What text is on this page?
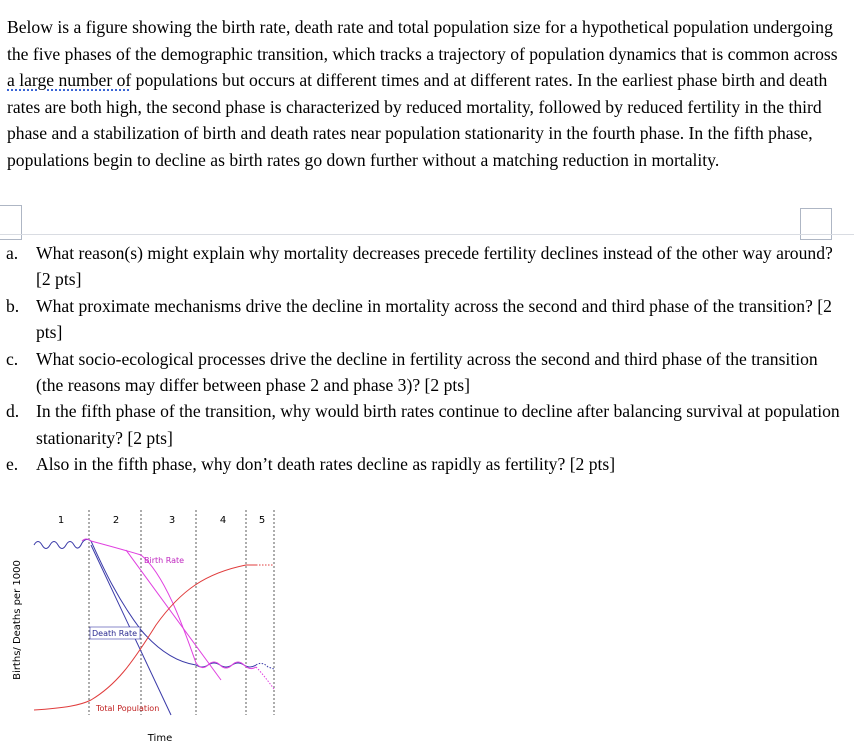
Below is a figure showing the birth rate, death rate and total population size for a hypothetical population undergoing the five phases of the demographic transition, which tracks a trajectory of population dynamics that is common across a large number of populations but occurs at different times and at different rates. In the earliest phase birth and death rates are both high, the second phase is characterized by reduced mortality, followed by reduced fertility in the third phase and a stabilization of birth and death rates near population stationarity in the fourth phase. In the fifth phase, populations begin to decline as birth rates go down further without a matching reduction in mortality.

a. What reason(s) might explain why mortality decreases precede fertility declines instead of the other way around? [2 pts]
b. What proximate mechanisms drive the decline in mortality across the second and third phase of the transition? [2 pts]
c. What socio-ecological processes drive the decline in fertility across the second and third phase of the transition (the reasons may differ between phase 2 and phase 3)? [2 pts]
d. In the fifth phase of the transition, why would birth rates continue to decline after balancing survival at population stationarity? [2 pts]
e. Also in the fifth phase, why don’t death rates decline as rapidly as fertility? [2 pts]
1	2	3	4	5
Birth Rate
Death Rate
Total Population
Births/ Deaths per 1000
Time
